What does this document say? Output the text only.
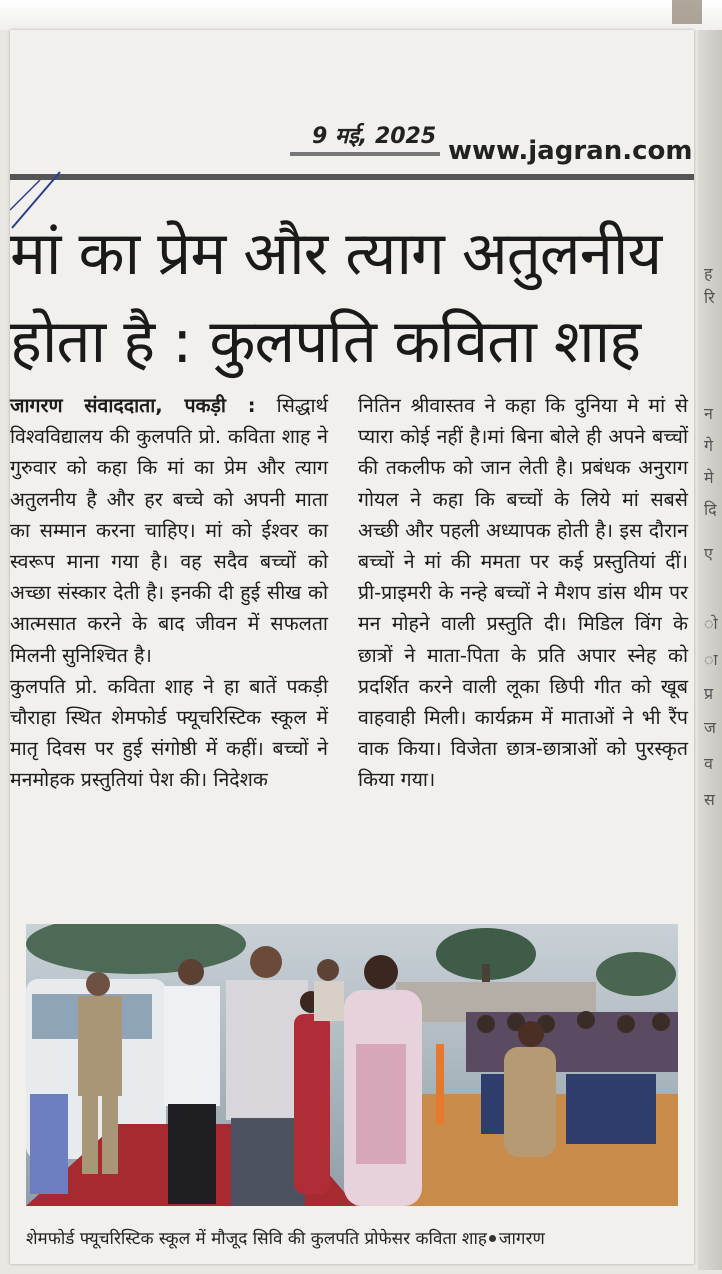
9 मई, 2025 www.jagran.com
मां का प्रेम और त्याग अतुलनीय
होता है : कुलपति कविता शाह

जागरण संवाददाता, पकड़ी : सिद्धार्थ विश्वविद्यालय की कुलपति प्रो. कविता शाह ने गुरुवार को कहा कि मां का प्रेम और त्याग अतुलनीय है और हर बच्चे को अपनी माता का सम्मान करना चाहिए। मां को ईश्वर का स्वरूप माना गया है। वह सदैव बच्चों को अच्छा संस्कार देती है। इनकी दी हुई सीख को आत्मसात करने के बाद जीवन में सफलता मिलनी सुनिश्चित है।

कुलपति प्रो. कविता शाह ने हा बातें पकड़ी चौराहा स्थित शेमफोर्ड फ्यूचरिस्टिक स्कूल में मातृ दिवस पर हुई संगोष्ठी में कहीं। बच्चों ने मनमोहक प्रस्तुतियां पेश की। निदेशक

नितिन श्रीवास्तव ने कहा कि दुनिया मे मां से प्यारा कोई नहीं है।मां बिना बोले ही अपने बच्चों की तकलीफ को जान लेती है। प्रबंधक अनुराग गोयल ने कहा कि बच्चों के लिये मां सबसे अच्छी और पहली अध्यापक होती है। इस दौरान बच्चों ने मां की ममता पर कई प्रस्तुतियां दीं। प्री-प्राइमरी के नन्हे बच्चों ने मैशप डांस थीम पर मन मोहने वाली प्रस्तुति दी। मिडिल विंग के छात्रों ने माता-पिता के प्रति अपार स्नेह को प्रदर्शित करने वाली लूका छिपी गीत को खूब वाहवाही मिली। कार्यक्रम में माताओं ने भी रैंप वाक किया। विजेता छात्र-छात्राओं को पुरस्कृत किया गया।

शेमफोर्ड फ्यूचरिस्टिक स्कूल में मौजूद सिवि की कुलपति प्रोफेसर कविता शाह जागरण
ह
रि
न
गे
मे
दि
ए
ो
ा
प्र
ज
व
स
